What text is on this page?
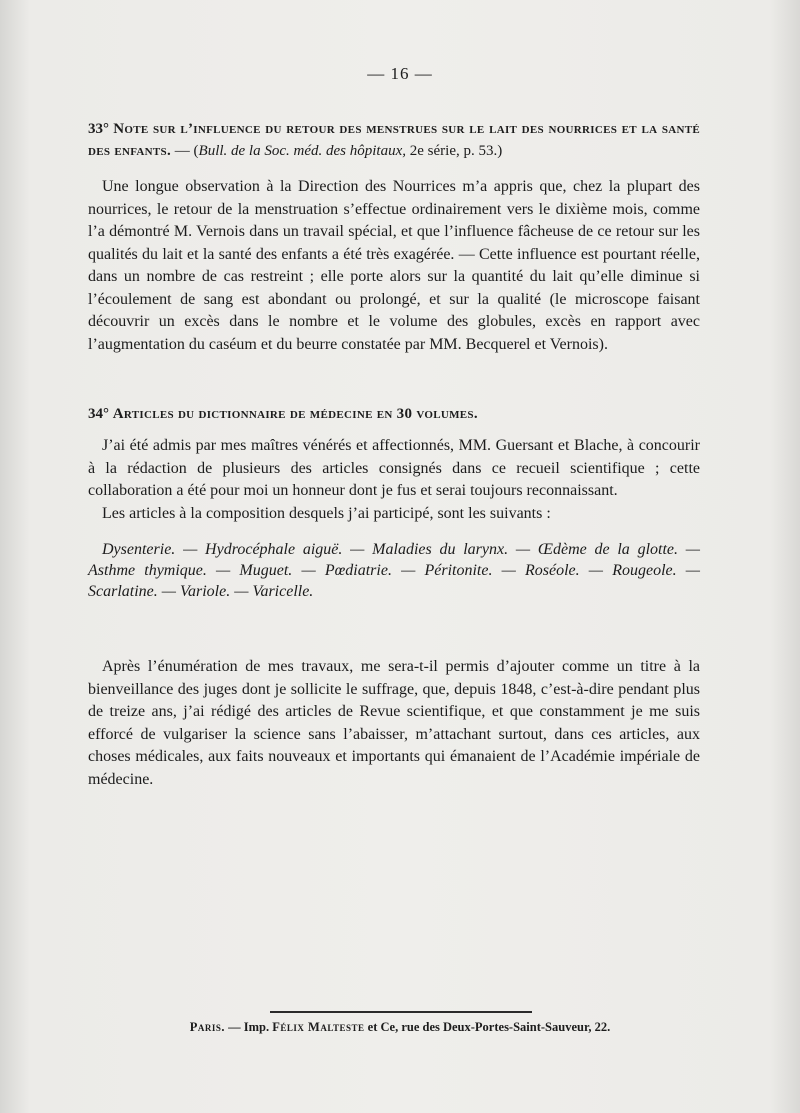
— 16 —
33° Note sur l’influence du retour des menstrues sur le lait des nourrices et la santé des enfants. — (Bull. de la Soc. méd. des hôpitaux, 2e série, p. 53.)

Une longue observation à la Direction des Nourrices m’a appris que, chez la plupart des nourrices, le retour de la menstruation s’effectue ordinairement vers le dixième mois, comme l’a démontré M. Vernois dans un travail spécial, et que l’influence fâcheuse de ce retour sur les qualités du lait et la santé des enfants a été très exagérée. — Cette influence est pourtant réelle, dans un nombre de cas restreint ; elle porte alors sur la quantité du lait qu’elle diminue si l’écoulement de sang est abondant ou prolongé, et sur la qualité (le microscope faisant découvrir un excès dans le nombre et le volume des globules, excès en rapport avec l’augmentation du caséum et du beurre constatée par MM. Becquerel et Vernois).

34° Articles du dictionnaire de médecine en 30 volumes.

J’ai été admis par mes maîtres vénérés et affectionnés, MM. Guersant et Blache, à concourir à la rédaction de plusieurs des articles consignés dans ce recueil scientifique ; cette collaboration a été pour moi un honneur dont je fus et serai toujours reconnaissant.

Les articles à la composition desquels j’ai participé, sont les suivants :

Dysenterie. — Hydrocéphale aiguë. — Maladies du larynx. — Œdème de la glotte. — Asthme thymique. — Muguet. — Pœdiatrie. — Péritonite. — Roséole. — Rougeole. — Scarlatine. — Variole. — Varicelle.

Après l’énumération de mes travaux, me sera-t-il permis d’ajouter comme un titre à la bienveillance des juges dont je sollicite le suffrage, que, depuis 1848, c’est-à-dire pendant plus de treize ans, j’ai rédigé des articles de Revue scientifique, et que constamment je me suis efforcé de vulgariser la science sans l’abaisser, m’attachant surtout, dans ces articles, aux choses médicales, aux faits nouveaux et importants qui émanaient de l’Académie impériale de médecine.

Paris. — Imp. Félix Malteste et Ce, rue des Deux-Portes-Saint-Sauveur, 22.
